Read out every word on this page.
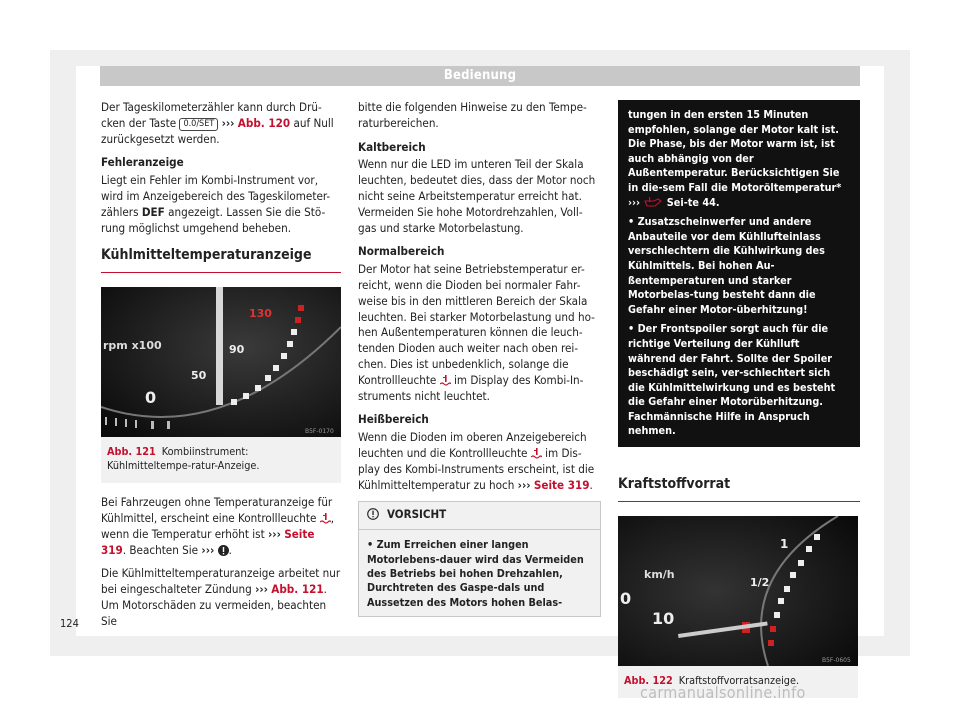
Bedienung

Der Tageskilometerzähler kann durch Drü-cken der Taste 0.0/SET ››› Abb. 120 auf Null zurückgesetzt werden.

Fehleranzeige

Liegt ein Fehler im Kombi-Instrument vor, wird im Anzeigebereich des Tageskilometer-zählers DEF angezeigt. Lassen Sie die Stö-rung möglichst umgehend beheben.

Kühlmitteltemperaturanzeige
rpm x100
0
50
90
130
B5F-0170
Abb. 121 Kombiinstrument: Kühlmitteltempe-ratur-Anzeige.

Bei Fahrzeugen ohne Temperaturanzeige für Kühlmittel, erscheint eine Kontrollleuchte , wenn die Temperatur erhöht ist ››› Seite 319. Beachten Sie ››› .

Die Kühlmitteltemperaturanzeige arbeitet nur bei eingeschalteter Zündung ››› Abb. 121. Um Motorschäden zu vermeiden, beachten Sie

bitte die folgenden Hinweise zu den Tempe-raturbereichen.

Kaltbereich

Wenn nur die LED im unteren Teil der Skala leuchten, bedeutet dies, dass der Motor noch nicht seine Arbeitstemperatur erreicht hat. Vermeiden Sie hohe Motordrehzahlen, Voll-gas und starke Motorbelastung.

Normalbereich

Der Motor hat seine Betriebstemperatur er-reicht, wenn die Dioden bei normaler Fahr-weise bis in den mittleren Bereich der Skala leuchten. Bei starker Motorbelastung und ho-hen Außentemperaturen können die leuch-tenden Dioden auch weiter nach oben rei-chen. Dies ist unbedenklich, solange die Kontrollleuchte im Display des Kombi-In-struments nicht leuchtet.

Heißbereich

Wenn die Dioden im oberen Anzeigebereich leuchten und die Kontrollleuchte im Dis-play des Kombi-Instruments erscheint, ist die Kühlmitteltemperatur zu hoch ››› Seite 319.

VORSICHT
• Zum Erreichen einer langen Motorlebens-dauer wird das Vermeiden des Betriebs bei hohen Drehzahlen, Durchtreten des Gaspe-dals und Aussetzen des Motors hohen Belas-
tungen in den ersten 15 Minuten empfohlen, solange der Motor kalt ist. Die Phase, bis der Motor warm ist, ist auch abhängig von der Außentemperatur. Berücksichtigen Sie in die-sem Fall die Motoröltemperatur* ››› Sei-te 44.
• Zusatzscheinwerfer und andere Anbauteile vor dem Kühllufteinlass verschlechtern die Kühlwirkung des Kühlmittels. Bei hohen Au-ßentemperaturen und starker Motorbelas-tung besteht dann die Gefahr einer Motor-überhitzung!
• Der Frontspoiler sorgt auch für die richtige Verteilung der Kühlluft während der Fahrt. Sollte der Spoiler beschädigt sein, ver-schlechtert sich die Kühlmittelwirkung und es besteht die Gefahr einer Motorüberhitzung. Fachmännische Hilfe in Anspruch nehmen.
Kraftstoffvorrat
1
1/2
km/h
0
10
B5F-0605
Abb. 122 Kraftstoffvorratsanzeige.
124
carmanualsonline.info
